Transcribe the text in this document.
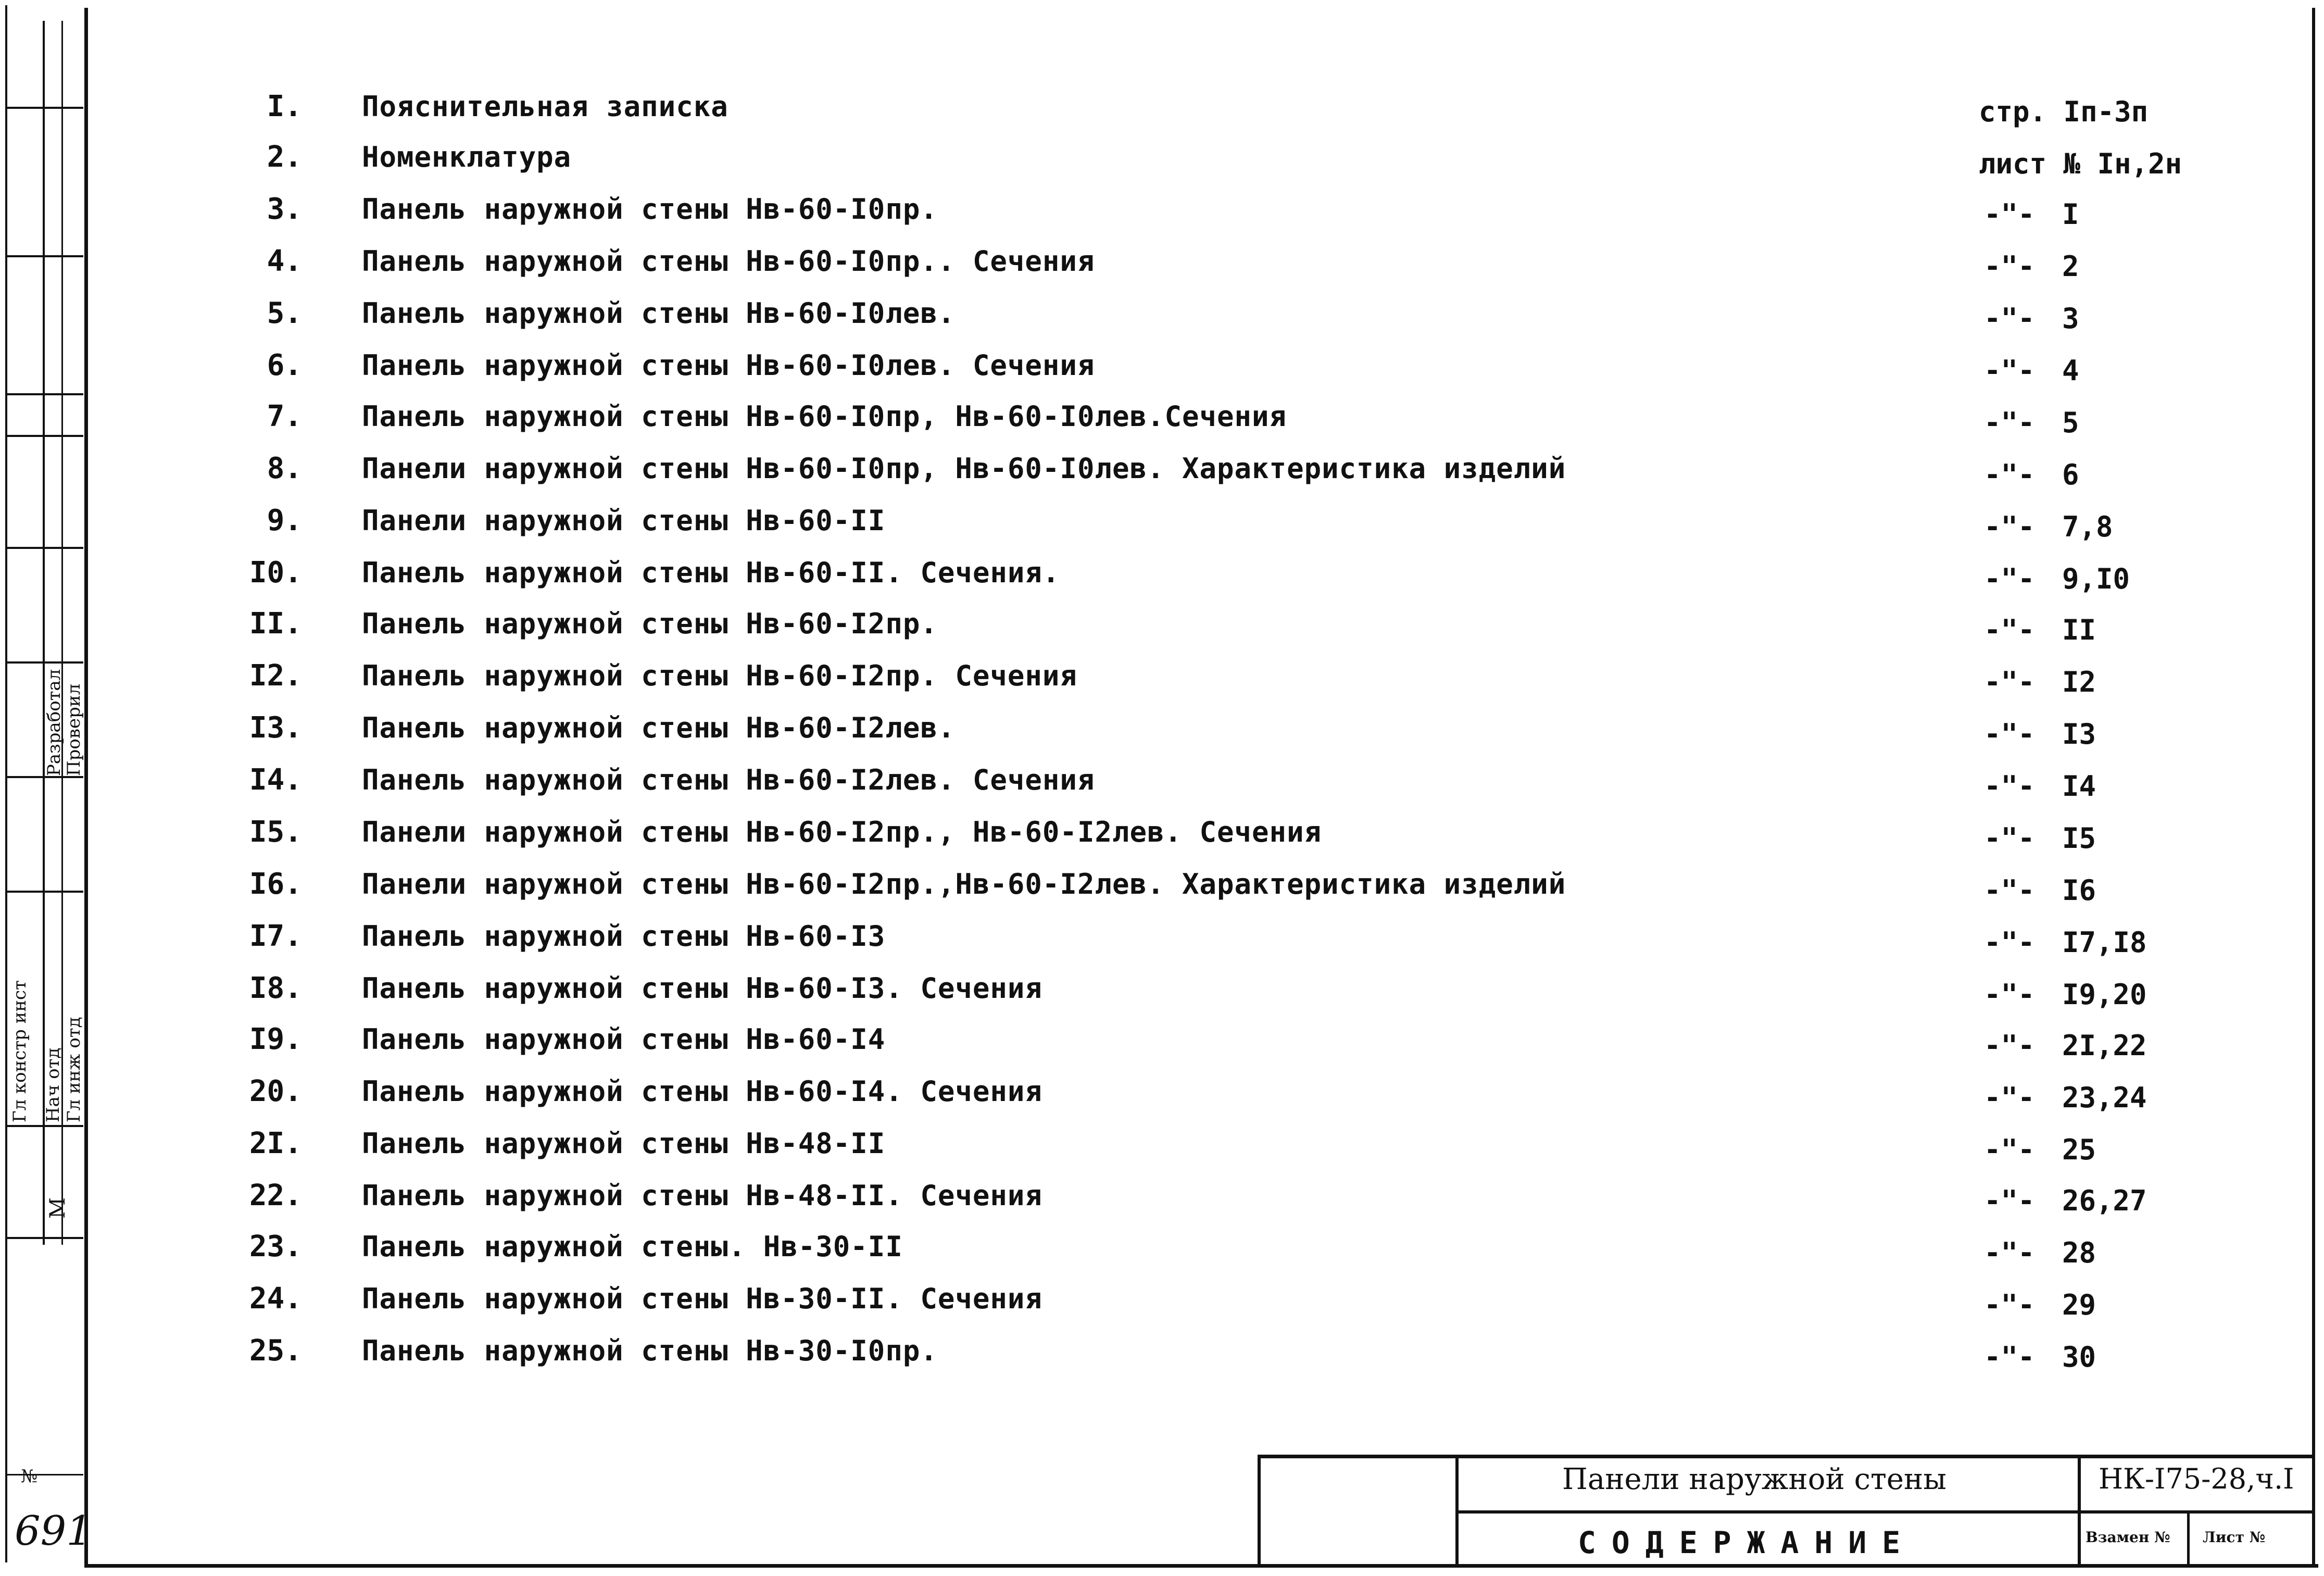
Разработал
Проверил
Гл констр инст Нач отд Гл инж отд
М
№
691
I. Пояснительная записка	стр. Iп-3п
2. Номенклатура	лист № Iн,2н
3. Панель наружной стены Нв-60-I0пр.	-"- I
4. Панель наружной стены Нв-60-I0пр.. Сечения	-"- 2
5. Панель наружной стены Нв-60-I0лев.	-"- 3
6. Панель наружной стены Нв-60-I0лев. Сечения	-"- 4
7. Панель наружной стены Нв-60-I0пр, Нв-60-I0лев.Сечения	-"- 5
8. Панели наружной стены Нв-60-I0пр, Нв-60-I0лев. Характеристика изделий	-"- 6
9. Панели наружной стены Нв-60-II	-"- 7,8
I0. Панель наружной стены Нв-60-II. Сечения.	-"- 9,I0
II. Панель наружной стены Нв-60-I2пр.	-"- II
I2. Панель наружной стены Нв-60-I2пр. Сечения	-"- I2
I3. Панель наружной стены Нв-60-I2лев.	-"- I3
I4. Панель наружной стены Нв-60-I2лев. Сечения	-"- I4
I5. Панели наружной стены Нв-60-I2пр., Нв-60-I2лев. Сечения	-"- I5
I6. Панели наружной стены Нв-60-I2пр.,Нв-60-I2лев. Характеристика изделий	-"- I6
I7. Панель наружной стены Нв-60-I3	-"- I7,I8
I8. Панель наружной стены Нв-60-I3. Сечения	-"- I9,20
I9. Панель наружной стены Нв-60-I4	-"- 2I,22
20. Панель наружной стены Нв-60-I4. Сечения	-"- 23,24
2I. Панель наружной стены Нв-48-II	-"- 25
22. Панель наружной стены Нв-48-II. Сечения	-"- 26,27
23. Панель наружной стены. Нв-30-II	-"- 28
24. Панель наружной стены Нв-30-II. Сечения	-"- 29
25. Панель наружной стены Нв-30-I0пр.	-"- 30
Панели наружной стены	НК-I75-28,ч.I
СОДЕРЖАНИЕ	Взамен № Лист №
